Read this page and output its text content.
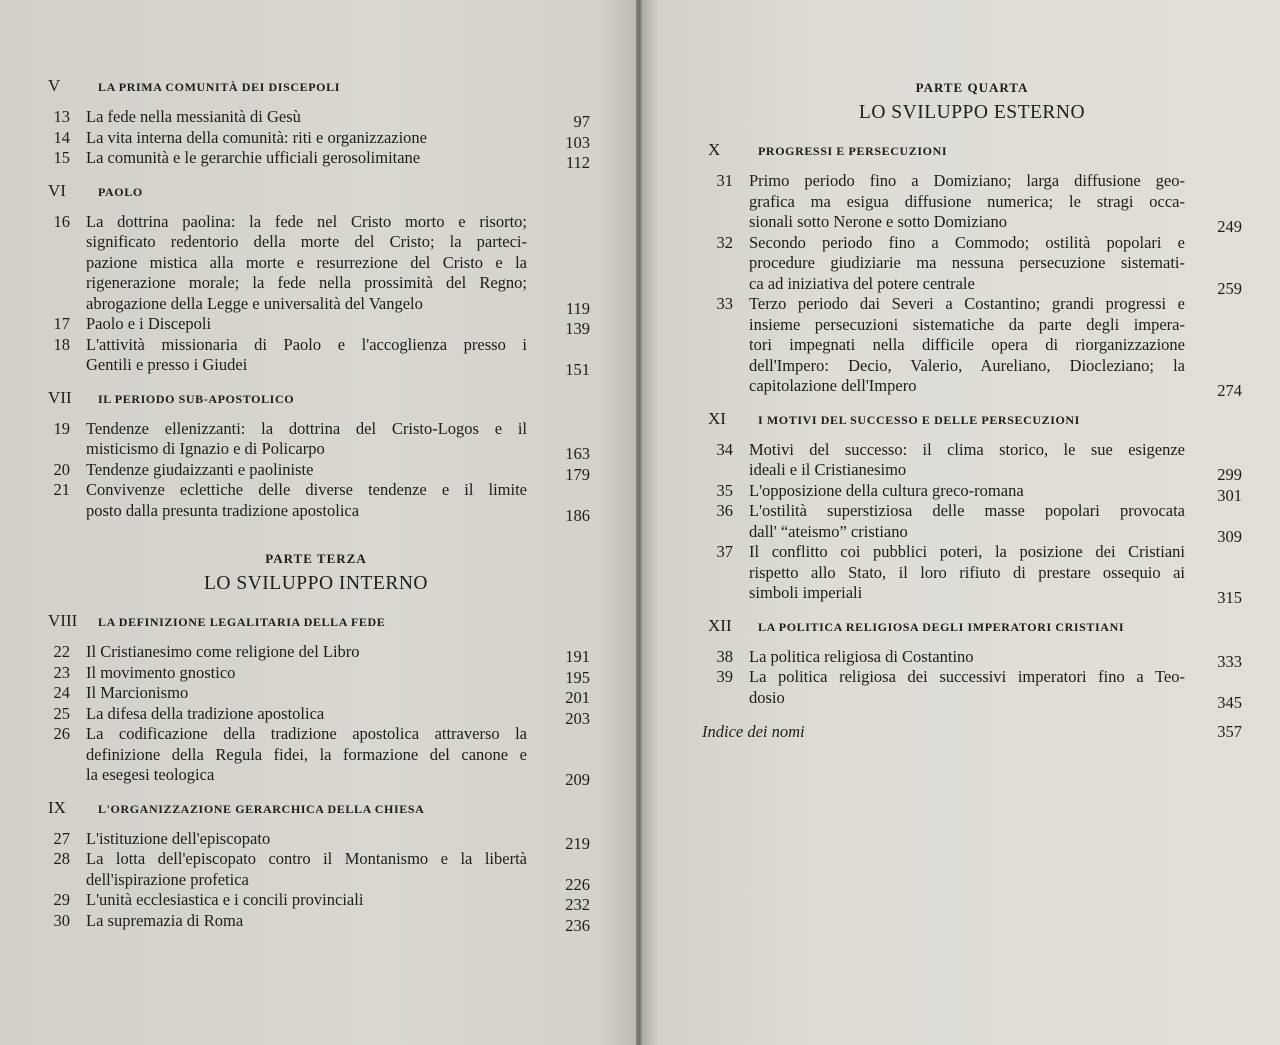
V	LA PRIMA COMUNITÀ DEI DISCEPOLI
13 La fede nella messianità di Gesù	97
14 La vita interna della comunità: riti e organizzazione	103
15 La comunità e le gerarchie ufficiali gerosolimitane	112
VI	PAOLO
16 La dottrina paolina: la fede nel Cristo morto e risorto;
significato redentorio della morte del Cristo; la parteci-
pazione mistica alla morte e resurrezione del Cristo e la
rigenerazione morale; la fede nella prossimità del Regno;
abrogazione della Legge e universalità del Vangelo	119
17 Paolo e i Discepoli	139
18 L'attività missionaria di Paolo e l'accoglienza presso i
Gentili e presso i Giudei	151
VII	IL PERIODO SUB-APOSTOLICO
19 Tendenze ellenizzanti: la dottrina del Cristo-Logos e il
misticismo di Ignazio e di Policarpo	163
20 Tendenze giudaizzanti e paoliniste	179
21 Convivenze eclettiche delle diverse tendenze e il limite
posto dalla presunta tradizione apostolica	186
PARTE TERZA
LO SVILUPPO INTERNO
VIII	LA DEFINIZIONE LEGALITARIA DELLA FEDE
22 Il Cristianesimo come religione del Libro	191
23 Il movimento gnostico	195
24 Il Marcionismo	201
25 La difesa della tradizione apostolica	203
26 La codificazione della tradizione apostolica attraverso la
definizione della Regula fidei, la formazione del canone e
la esegesi teologica	209
IX	L'ORGANIZZAZIONE GERARCHICA DELLA CHIESA
27 L'istituzione dell'episcopato	219
28 La lotta dell'episcopato contro il Montanismo e la libertà
dell'ispirazione profetica	226
29 L'unità ecclesiastica e i concili provinciali	232
30 La supremazia di Roma	236
PARTE QUARTA
LO SVILUPPO ESTERNO
X	PROGRESSI E PERSECUZIONI
31 Primo periodo fino a Domiziano; larga diffusione geo-
grafica ma esigua diffusione numerica; le stragi occa-
sionali sotto Nerone e sotto Domiziano	249
32 Secondo periodo fino a Commodo; ostilità popolari e
procedure giudiziarie ma nessuna persecuzione sistemati-
ca ad iniziativa del potere centrale	259
33 Terzo periodo dai Severi a Costantino; grandi progressi e
insieme persecuzioni sistematiche da parte degli impera-
tori impegnati nella difficile opera di riorganizzazione
dell'Impero: Decio, Valerio, Aureliano, Diocleziano; la
capitolazione dell'Impero	274
XI	I MOTIVI DEL SUCCESSO E DELLE PERSECUZIONI
34 Motivi del successo: il clima storico, le sue esigenze
ideali e il Cristianesimo	299
35 L'opposizione della cultura greco-romana	301
36 L'ostilità superstiziosa delle masse popolari provocata
dall' “ateismo” cristiano	309
37 Il conflitto coi pubblici poteri, la posizione dei Cristiani
rispetto allo Stato, il loro rifiuto di prestare ossequio ai
simboli imperiali	315
XII	LA POLITICA RELIGIOSA DEGLI IMPERATORI CRISTIANI
38 La politica religiosa di Costantino	333
39 La politica religiosa dei successivi imperatori fino a Teo-
dosio	345
Indice dei nomi	357
